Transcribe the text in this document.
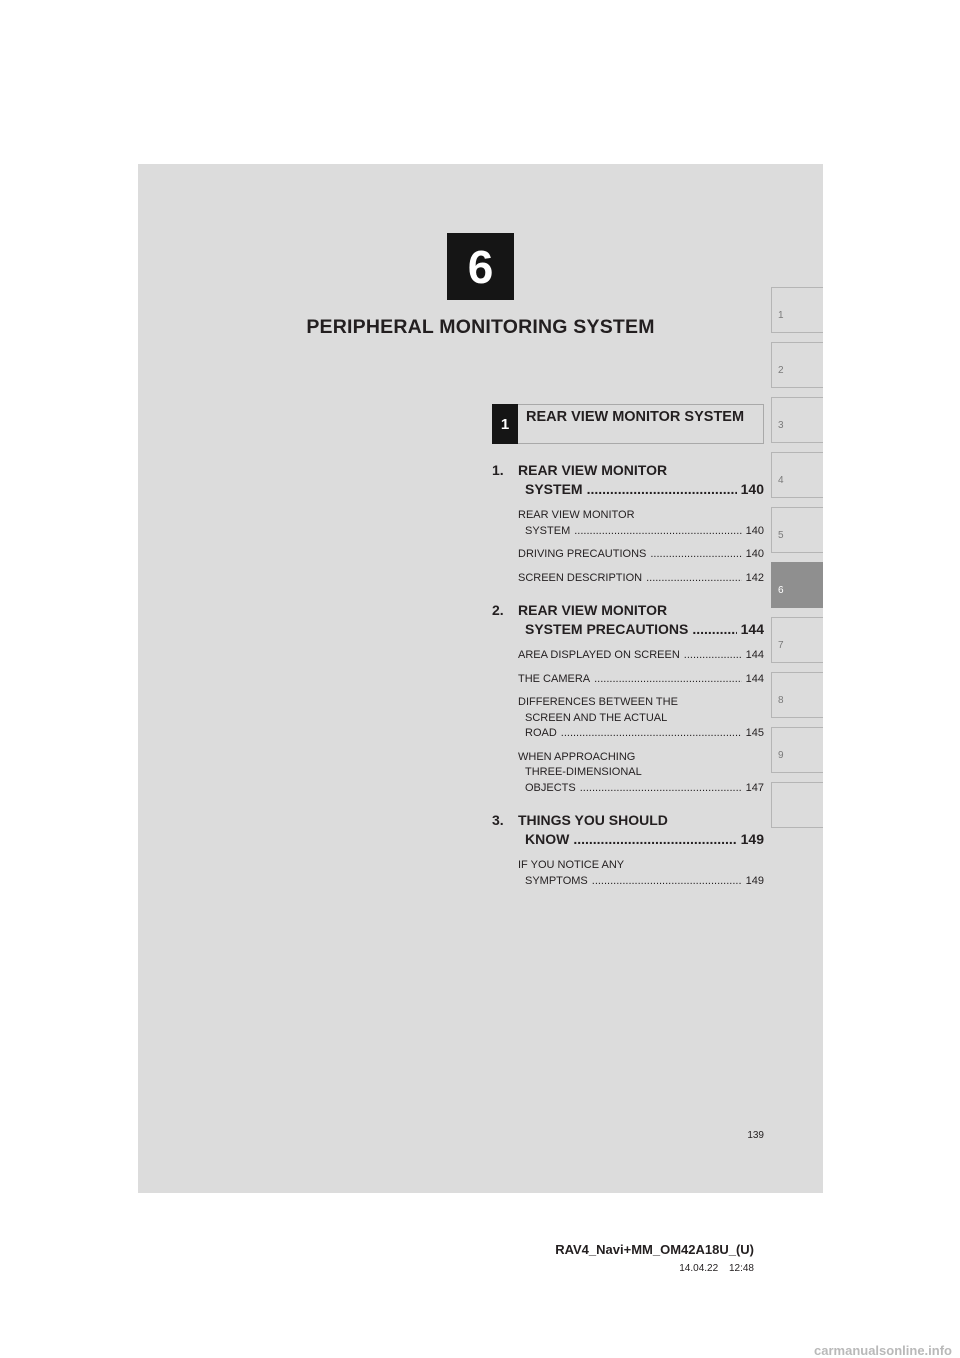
6
PERIPHERAL MONITORING SYSTEM
1
2
3
4
5
6
7
8
9
1	REAR VIEW MONITOR SYSTEM
1.	REAR VIEW MONITOR
SYSTEM .....	140
REAR VIEW MONITOR
SYSTEM .....	140
DRIVING PRECAUTIONS .....	140
SCREEN DESCRIPTION .....	142
2.	REAR VIEW MONITOR
SYSTEM PRECAUTIONS .....	144
AREA DISPLAYED ON SCREEN .....	144
THE CAMERA .....	144
DIFFERENCES BETWEEN THE
SCREEN AND THE ACTUAL
ROAD .....	145
WHEN APPROACHING
THREE-DIMENSIONAL
OBJECTS .....	147
3.	THINGS YOU SHOULD
KNOW .....	149
IF YOU NOTICE ANY
SYMPTOMS .....	149
139
RAV4_Navi+MM_OM42A18U_(U)
14.04.22 12:48
carmanualsonline.info
